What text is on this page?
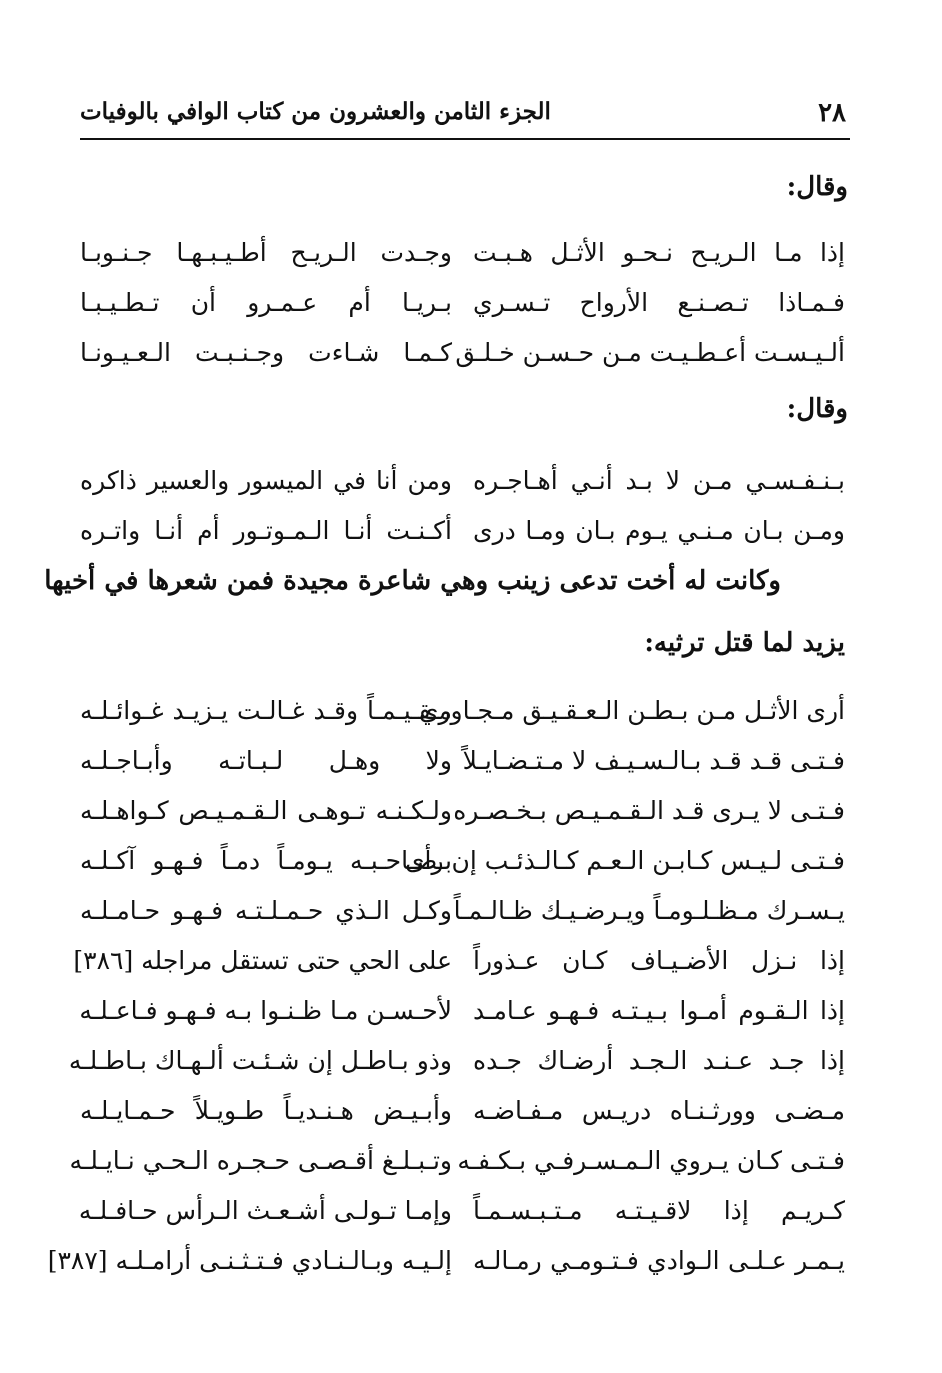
٢٨
الجزء الثامن والعشرون من كتاب الوافي بالوفيات
وقال:
إذا مـا الـريـح نـحـو الأثـل هـبـت
وجـدت الـريـح أطـيـبـهـا جـنـوبـا
فـمـاذا تـصـنـع الأرواح تـسـري
بـريـا أم عـمـرو أن تـطـيـبـا
ألـيـسـت أعـطـيـت مـن حـسـن خـلـق
كـمـا شـاءت وجـنـبـت الـعـيـونـا
وقال:
بـنـفـسـي مـن لا بـد أنـي أهـاجـره
ومن أنا في الميسور والعسير ذاكره
ومـن بـان مـنـي يـوم بـان ومـا درى
أكـنـت أنـا الـمـوتـور أم أنـا واتـره
وكانت له أخت تدعى زينب وهي شاعرة مجيدة فمن شعرها في أخيها
يزيد لما قتل ترثيه:
أرى الأثـل مـن بـطـن الـعـقـيـق مـجـاوري
مـقـيـمـاً وقـد غـالـت يـزيـد غـوائـلـه
فـتـى قـد قـد بـالـسـيـف لا مـتـضـايـلاً
ولا وهـل لـبـاتـه وأبـاجـلـه
فـتـى لا يـرى قـد الـقـمـيـص بـخـصـره
ولـكـنـه تـوهـى الـقـمـيـص كـواهـلـه
فـتـى لـيـس كـابـن الـعـم كـالـذئـب إن رأى
بـصـاحـبـه يـومـاً دمـاً فـهـو آكـلـه
يـسـرك مـظـلـومـاً ويـرضـيـك ظـالـمـاً
وكـل الـذي حـمـلـتـه فـهـو حـامـلـه
إذا نـزل الأضـيـاف كـان عـذوراً
على الحي حتى تستقل مراجله [٣٨٦]
إذا الـقـوم أمـوا بـيـتـه فـهـو عـامـد
لأحـسـن مـا ظـنـوا بـه فـهـو فـاعـلـه
إذا جـد عـنـد الـجـد أرضـاك جـده
وذو بـاطـل إن شـئـت ألـهـاك بـاطـلـه
مـضـى وورثـنـاه دريـس مـفـاضـه
وأبـيـض هـنـديـاً طـويـلاً حـمـايـلـه
فـتـى كـان يـروي الـمـسـرفـي بـكـفـه
وتـبـلـغ أقـصـى حـجـره الـحـي نـايـلـه
كـريـم إذا لاقـيـتـه مـتـبـسـمـاً
وإمـا تـولـى أشـعـث الـرأس حـافـلـه
يـمـر عـلـى الـوادي فـتـومـي رمـالـه
إلـيـه وبـالـنـادي فـتـثـنـى أرامـلـه [٣٨٧]
